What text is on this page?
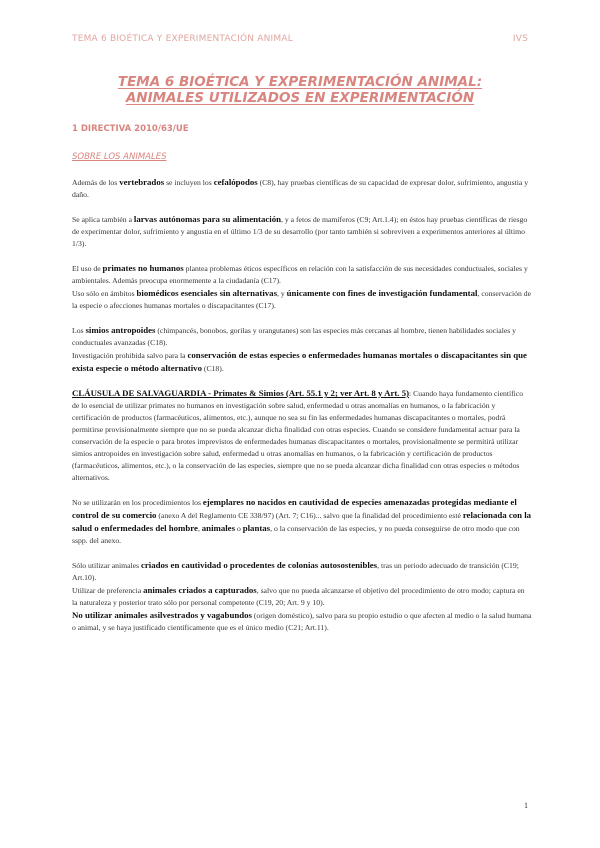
TEMA 6 BIOÉTICA Y EXPERIMENTACIÓN ANIMAL	IVS
TEMA 6 BIOÉTICA Y EXPERIMENTACIÓN ANIMAL:
ANIMALES UTILIZADOS EN EXPERIMENTACIÓN
1 DIRECTIVA 2010/63/UE
SOBRE LOS ANIMALES

Además de los vertebrados se incluyen los cefalópodos (C8), hay pruebas científicas de su capacidad de expresar dolor, sufrimiento, angustia y daño.

Se aplica también a larvas autónomas para su alimentación, y a fetos de mamíferos (C9; Art.1.4); en éstos hay pruebas científicas de riesgo de experimentar dolor, sufrimiento y angustia en el último 1/3 de su desarrollo (por tanto también si sobreviven a experimentos anteriores al último 1/3).

El uso de primates no humanos plantea problemas éticos específicos en relación con la satisfacción de sus necesidades conductuales, sociales y ambientales. Además preocupa enormemente a la ciudadanía (C17).
Uso sólo en ámbitos biomédicos esenciales sin alternativas, y únicamente con fines de investigación fundamental, conservación de la especie o afecciones humanas mortales o discapacitantes (C17).

Los simios antropoides (chimpancés, bonobos, gorilas y orangutanes) son las especies más cercanas al hombre, tienen habilidades sociales y conductuales avanzadas (C18).
Investigación prohibida salvo para la conservación de estas especies o enfermedades humanas mortales o discapacitantes sin que exista especie o método alternativo (C18).

CLÁUSULA DE SALVAGUARDIA - Primates & Simios (Art. 55.1 y 2; ver Art. 8 y Art. 5): Cuando haya fundamento científico de lo esencial de utilizar primates no humanos en investigación sobre salud, enfermedad u otras anomalías en humanos, o la fabricación y certificación de productos (farmacéuticos, alimentos, etc.), aunque no sea su fin las enfermedades humanas discapacitantes o mortales, podrá permitirse provisionalmente siempre que no se pueda alcanzar dicha finalidad con otras especies. Cuando se considere fundamental actuar para la conservación de la especie o para brotes imprevistos de enfermedades humanas discapacitantes o mortales, provisionalmente se permitirá utilizar simios antropoides en investigación sobre salud, enfermedad u otras anomalías en humanos, o la fabricación y certificación de productos (farmacéuticos, alimentos, etc.), o la conservación de las especies, siempre que no se pueda alcanzar dicha finalidad con otras especies o métodos alternativos.

No se utilizarán en los procedimientos los ejemplares no nacidos en cautividad de especies amenazadas protegidas mediante el control de su comercio (anexo A del Reglamento CE 338/97) (Art. 7; C16)... salvo que la finalidad del procedimiento esté relacionada con la salud o enfermedades del hombre, animales o plantas, o la conservación de las especies, y no pueda conseguirse de otro modo que con sspp. del anexo.

Sólo utilizar animales criados en cautividad o procedentes de colonias autosostenibles, tras un periodo adecuado de transición (C19; Art.10).
Utilizar de preferencia animales criados a capturados, salvo que no pueda alcanzarse el objetivo del procedimiento de otro modo; captura en la naturaleza y posterior trato sólo por personal competente (C19, 20; Art. 9 y 10).
No utilizar animales asilvestrados y vagabundos (origen doméstico), salvo para su propio estudio o que afecten al medio o la salud humana o animal, y se haya justificado científicamente que es el único medio (C21; Art.11).

1
